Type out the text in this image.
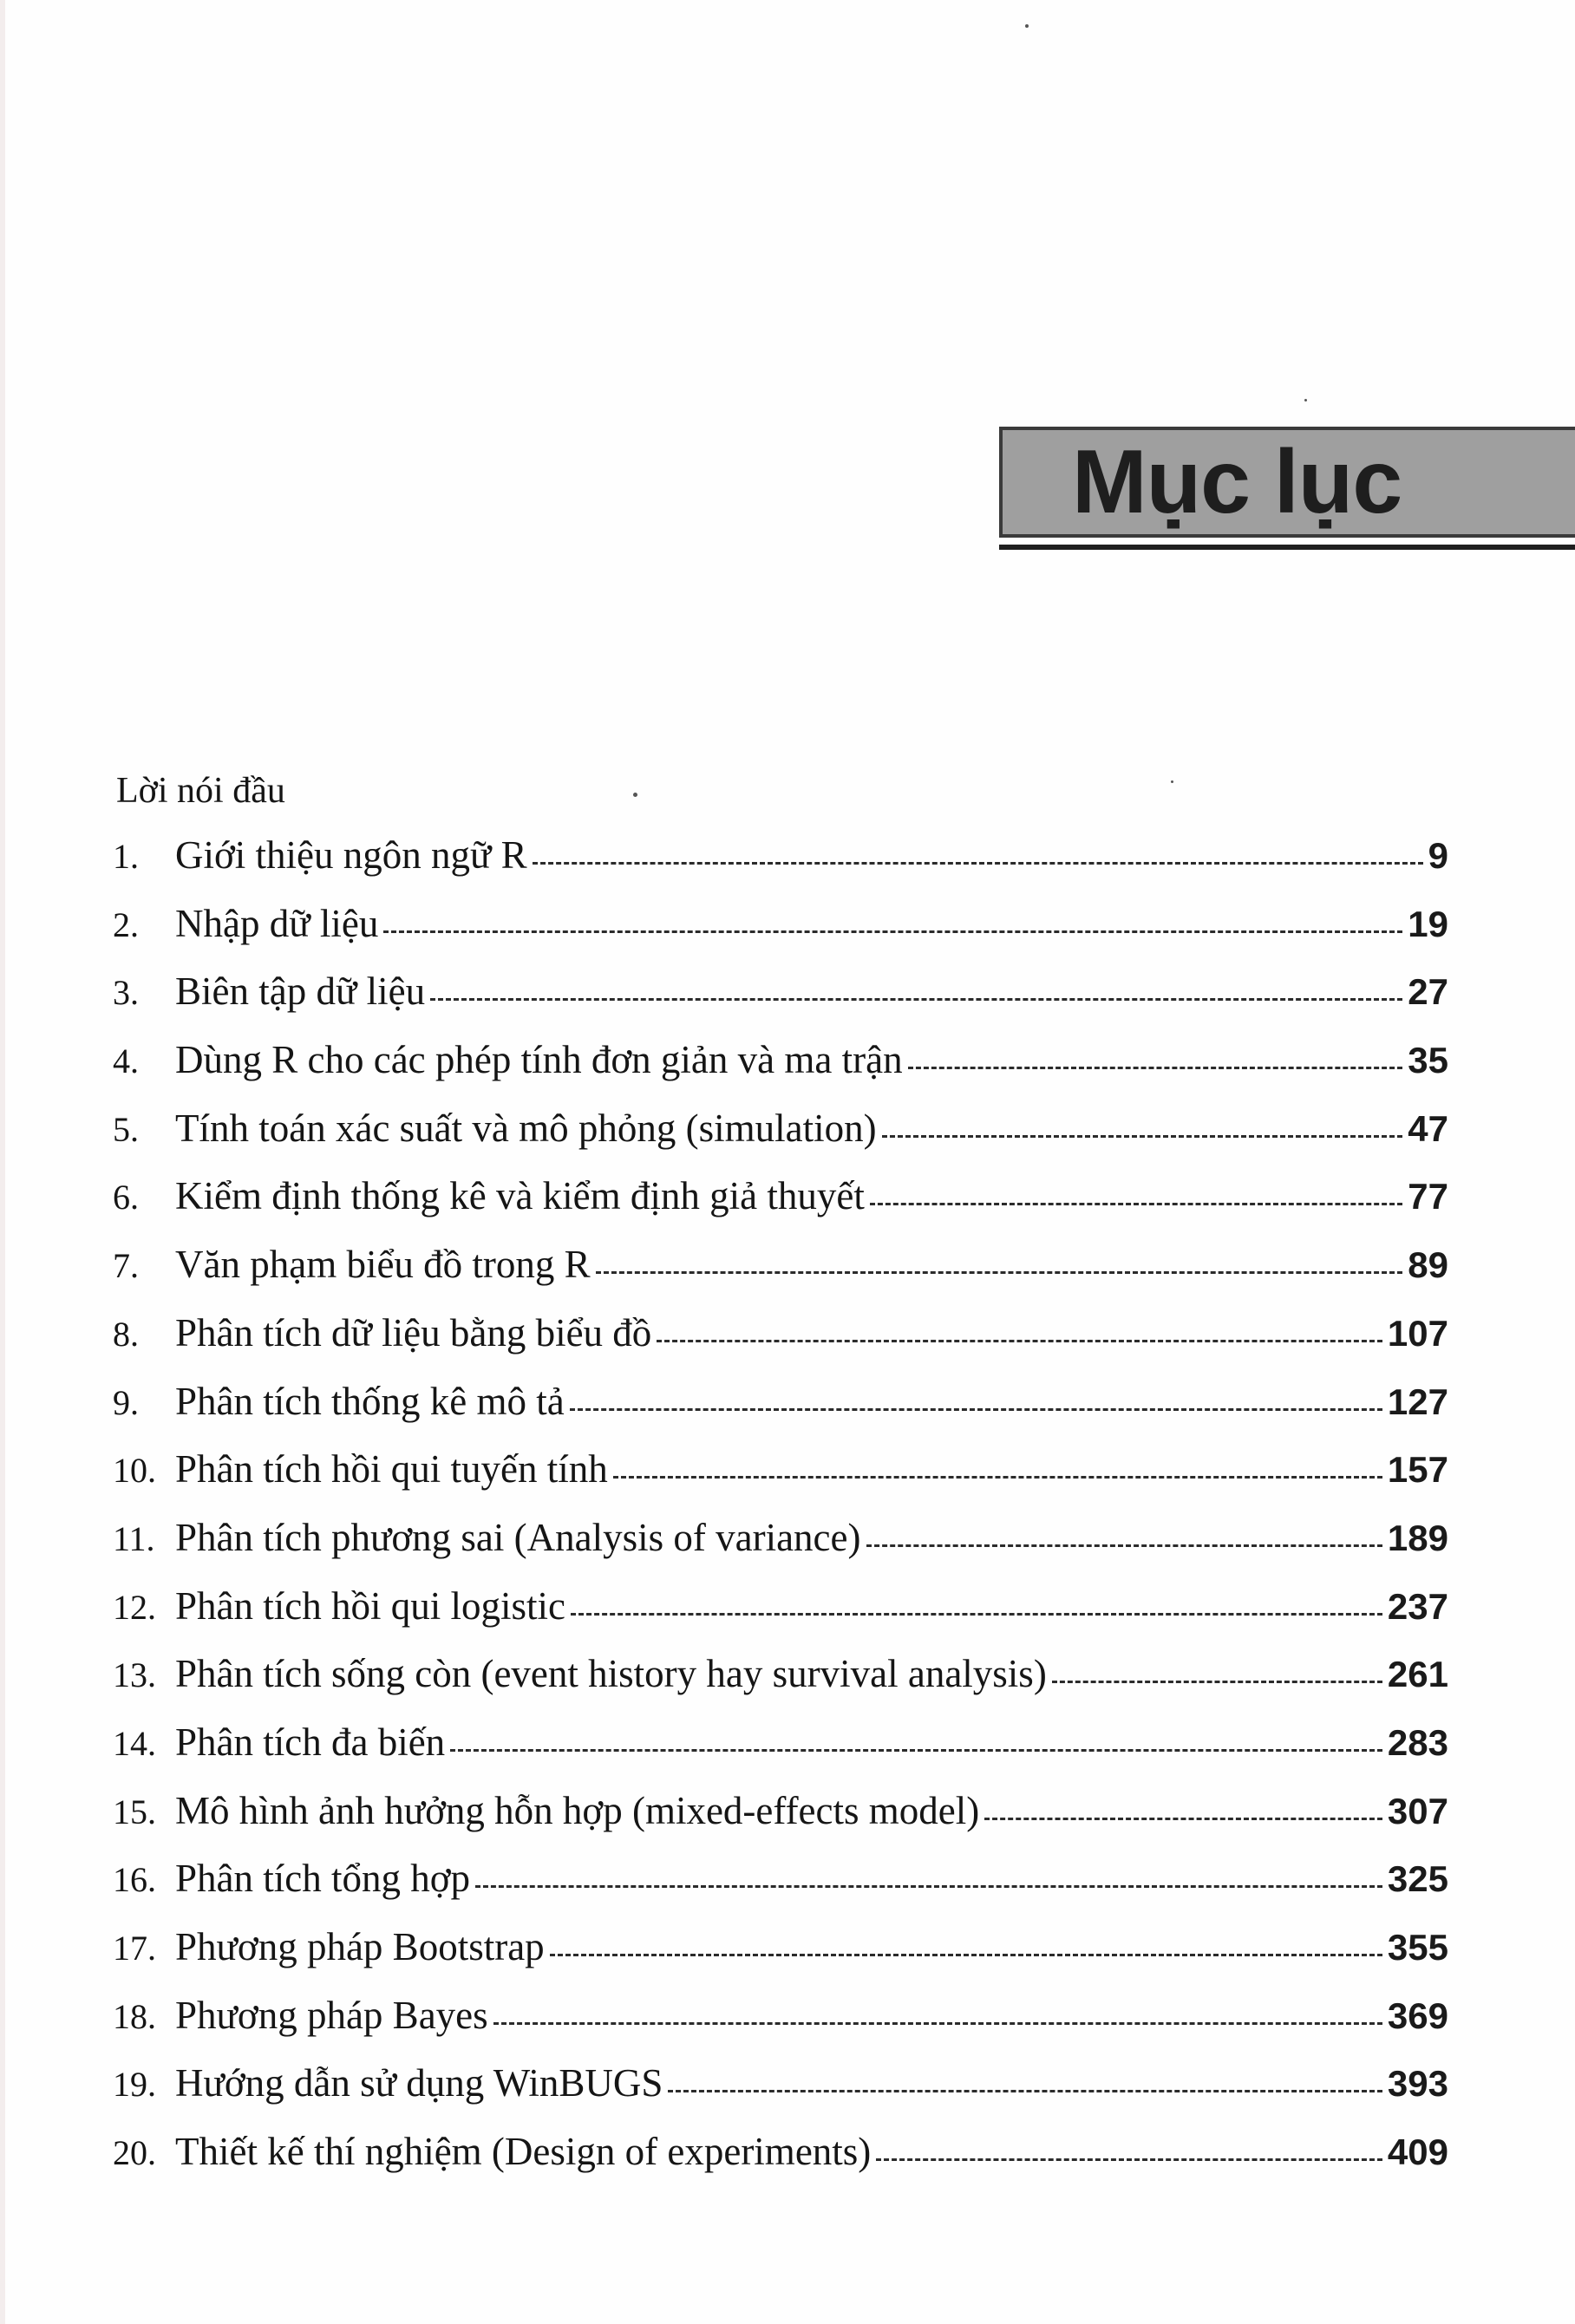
Mục lục
Lời nói đầu
1. Giới thiệu ngôn ngữ R	9
2. Nhập dữ liệu	19
3. Biên tập dữ liệu	27
4. Dùng R cho các phép tính đơn giản và ma trận	35
5. Tính toán xác suất và mô phỏng (simulation)	47
6. Kiểm định thống kê và kiểm định giả thuyết	77
7. Văn phạm biểu đồ trong R	89
8. Phân tích dữ liệu bằng biểu đồ	107
9. Phân tích thống kê mô tả	127
10. Phân tích hồi qui tuyến tính	157
11. Phân tích phương sai (Analysis of variance)	189
12. Phân tích hồi qui logistic	237
13. Phân tích sống còn (event history hay survival analysis)	261
14. Phân tích đa biến	283
15. Mô hình ảnh hưởng hỗn hợp (mixed-effects model)	307
16. Phân tích tổng hợp	325
17. Phương pháp Bootstrap	355
18. Phương pháp Bayes	369
19. Hướng dẫn sử dụng WinBUGS	393
20. Thiết kế thí nghiệm (Design of experiments)	409
